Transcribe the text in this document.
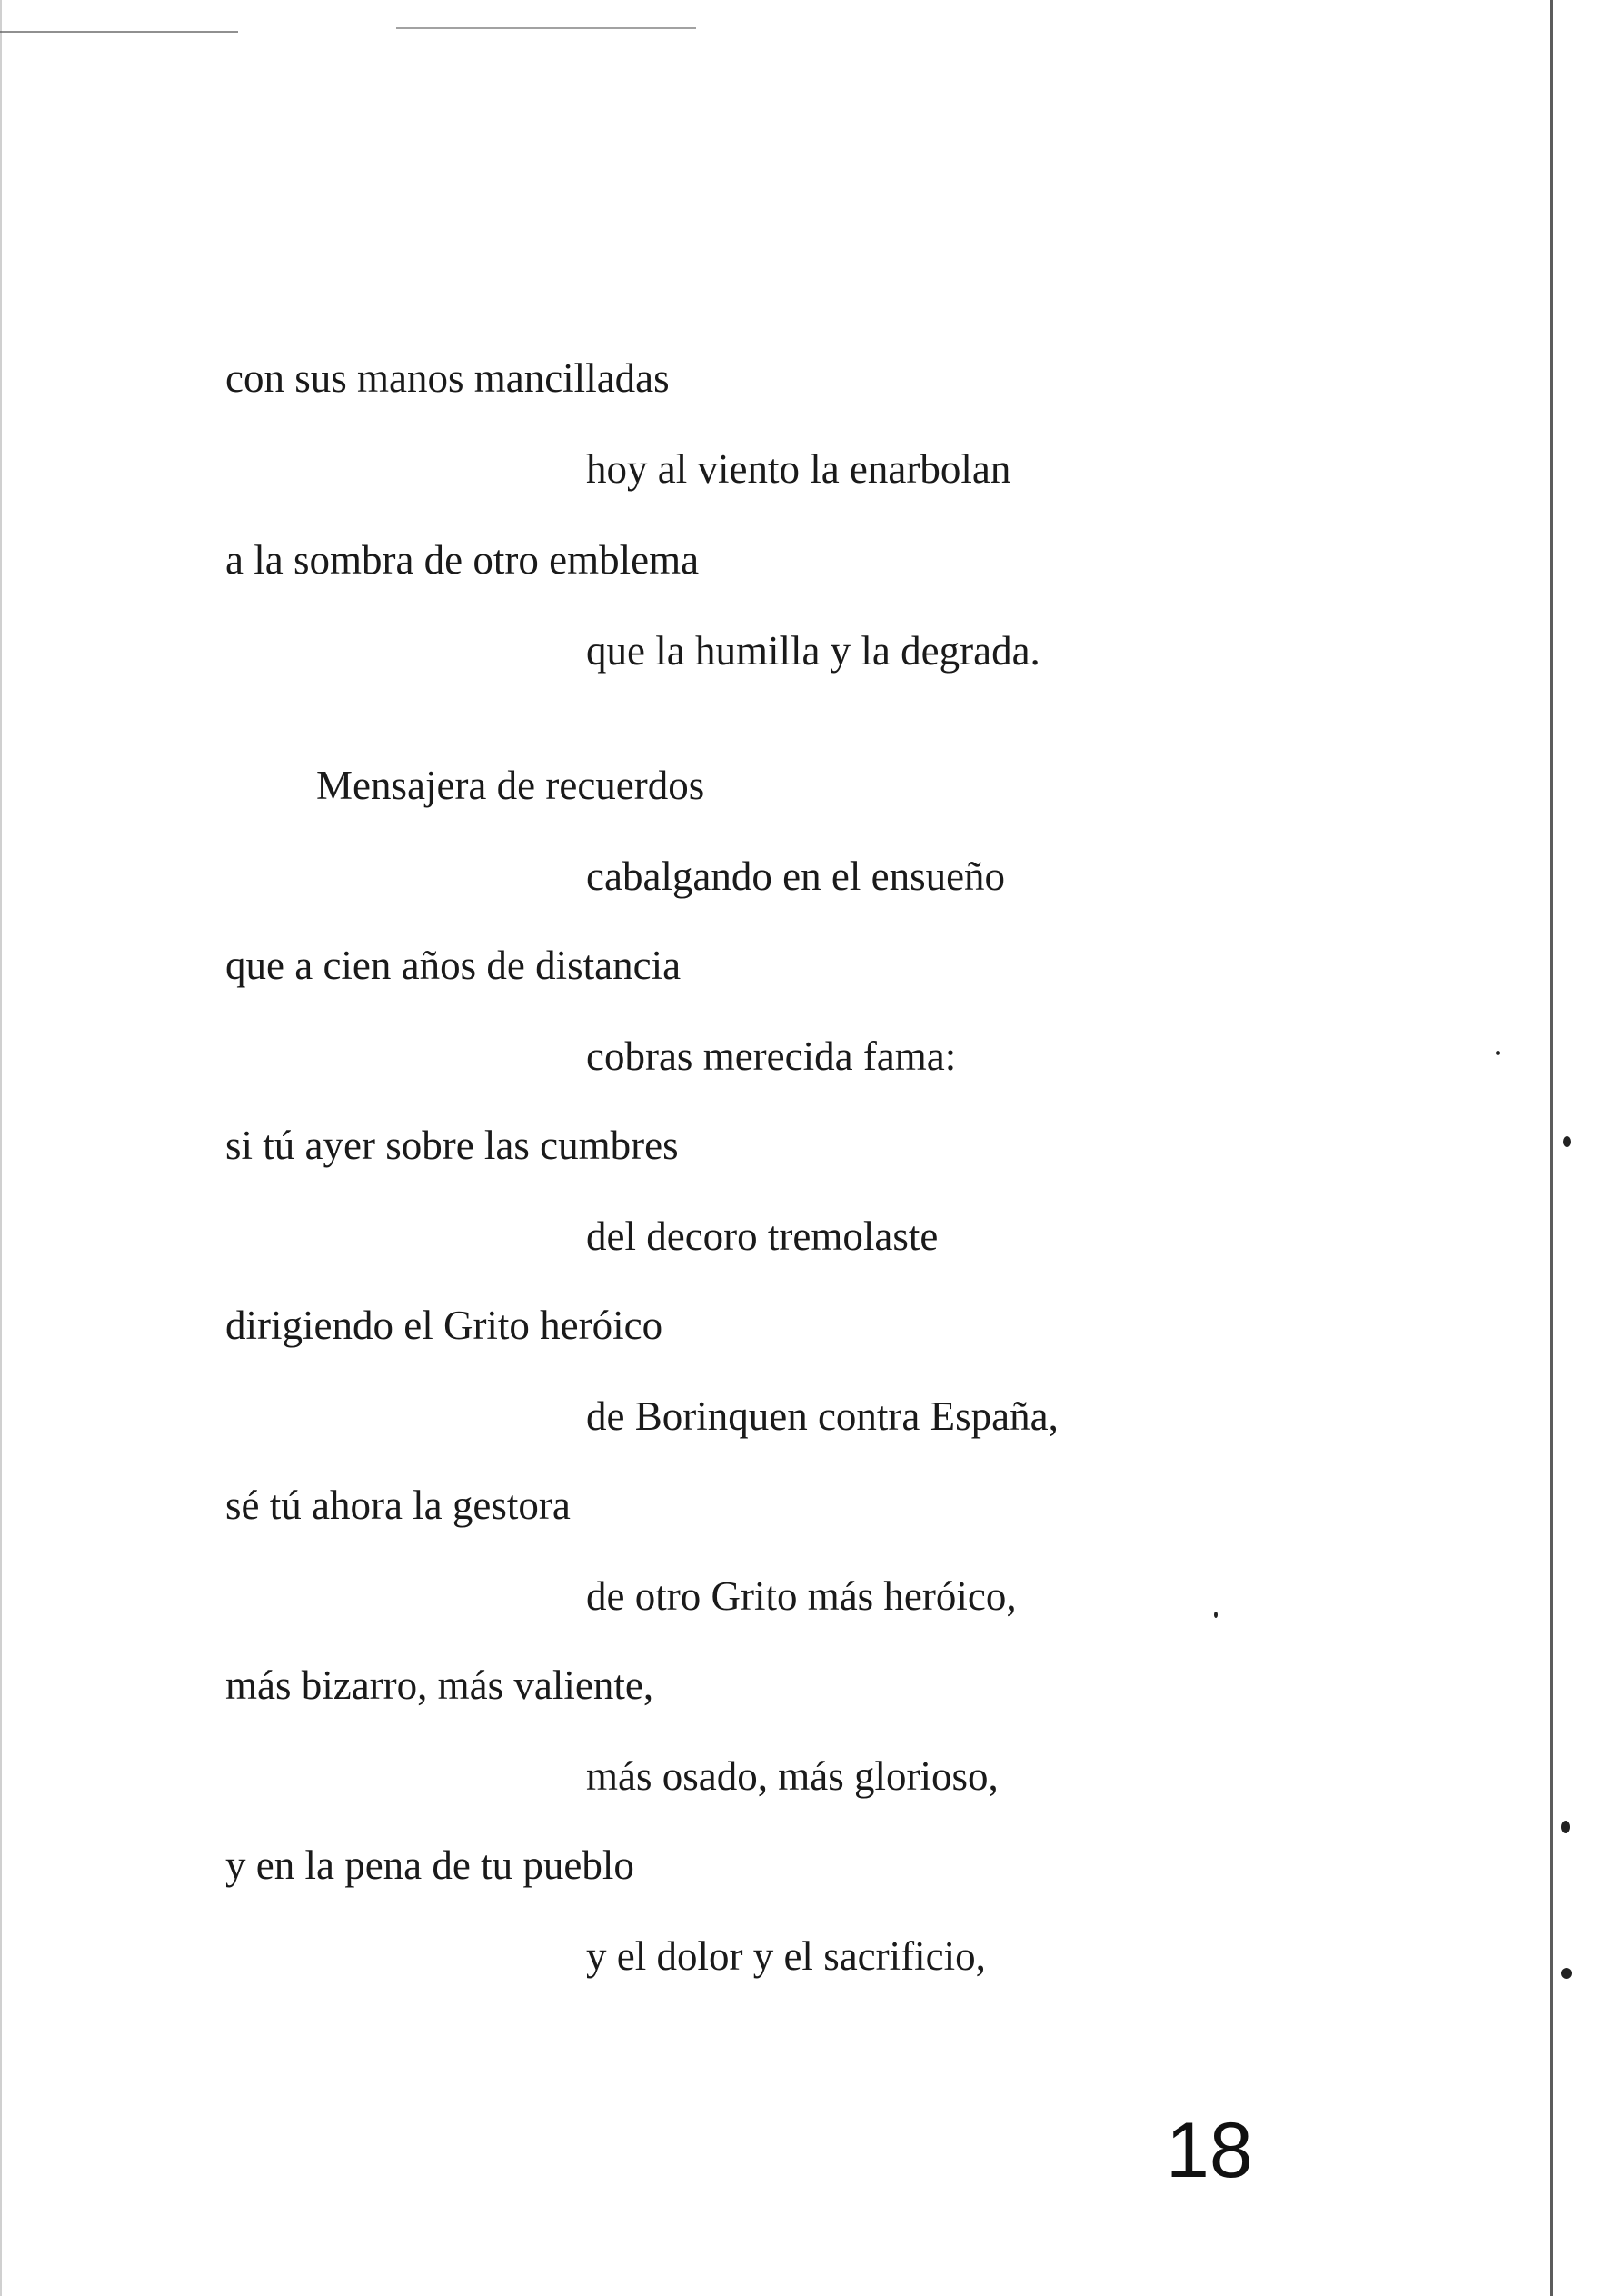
con sus manos mancilladas
hoy al viento la enarbolan
a la sombra de otro emblema
que la humilla y la degrada.
Mensajera de recuerdos
cabalgando en el ensueño
que a cien años de distancia
cobras merecida fama:
si tú ayer sobre las cumbres
del decoro tremolaste
dirigiendo el Grito heróico
de Borinquen contra España,
sé tú ahora la gestora
de otro Grito más heróico,
más bizarro, más valiente,
más osado, más glorioso,
y en la pena de tu pueblo
y el dolor y el sacrificio,
18
